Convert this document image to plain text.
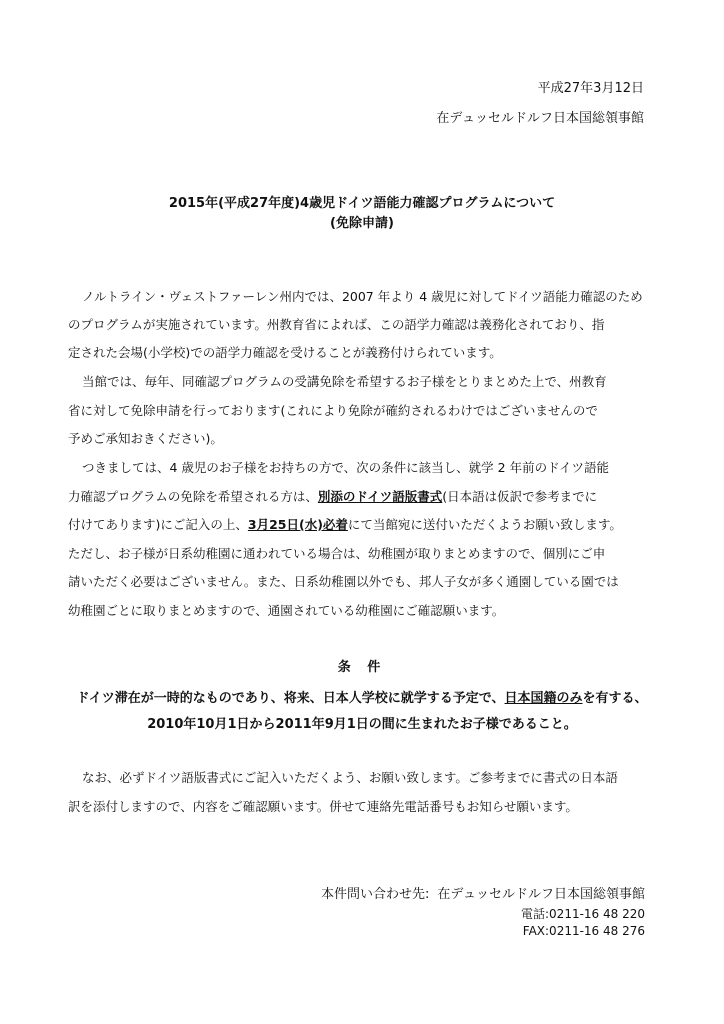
平成27年3月12日
在デュッセルドルフ日本国総領事館
2015年(平成27年度)4歳児ドイツ語能力確認プログラムについて
(免除申請)
ノルトライン・ヴェストファーレン州内では、2007 年より 4 歳児に対してドイツ語能力確認のため
のプログラムが実施されています。州教育省によれば、この語学力確認は義務化されており、指
定された会場(小学校)での語学力確認を受けることが義務付けられています。
当館では、毎年、同確認プログラムの受講免除を希望するお子様をとりまとめた上で、州教育
省に対して免除申請を行っております(これにより免除が確約されるわけではございませんので
予めご承知おきください)。
つきましては、4 歳児のお子様をお持ちの方で、次の条件に該当し、就学 2 年前のドイツ語能
力確認プログラムの免除を希望される方は、別添のドイツ語版書式(日本語は仮訳で参考までに
付けてあります)にご記入の上、3月25日(水)必着にて当館宛に送付いただくようお願い致します。
ただし、お子様が日系幼稚園に通われている場合は、幼稚園が取りまとめますので、個別にご申
請いただく必要はございません。また、日系幼稚園以外でも、邦人子女が多く通園している園では
幼稚園ごとに取りまとめますので、通園されている幼稚園にご確認願います。
条 件
ドイツ滞在が一時的なものであり、将来、日本人学校に就学する予定で、日本国籍のみを有する、
2010年10月1日から2011年9月1日の間に生まれたお子様であること。
なお、必ずドイツ語版書式にご記入いただくよう、お願い致します。ご参考までに書式の日本語
訳を添付しますので、内容をご確認願います。併せて連絡先電話番号もお知らせ願います。
本件問い合わせ先: 在デュッセルドルフ日本国総領事館
電話:0211-16 48 220
FAX:0211-16 48 276
